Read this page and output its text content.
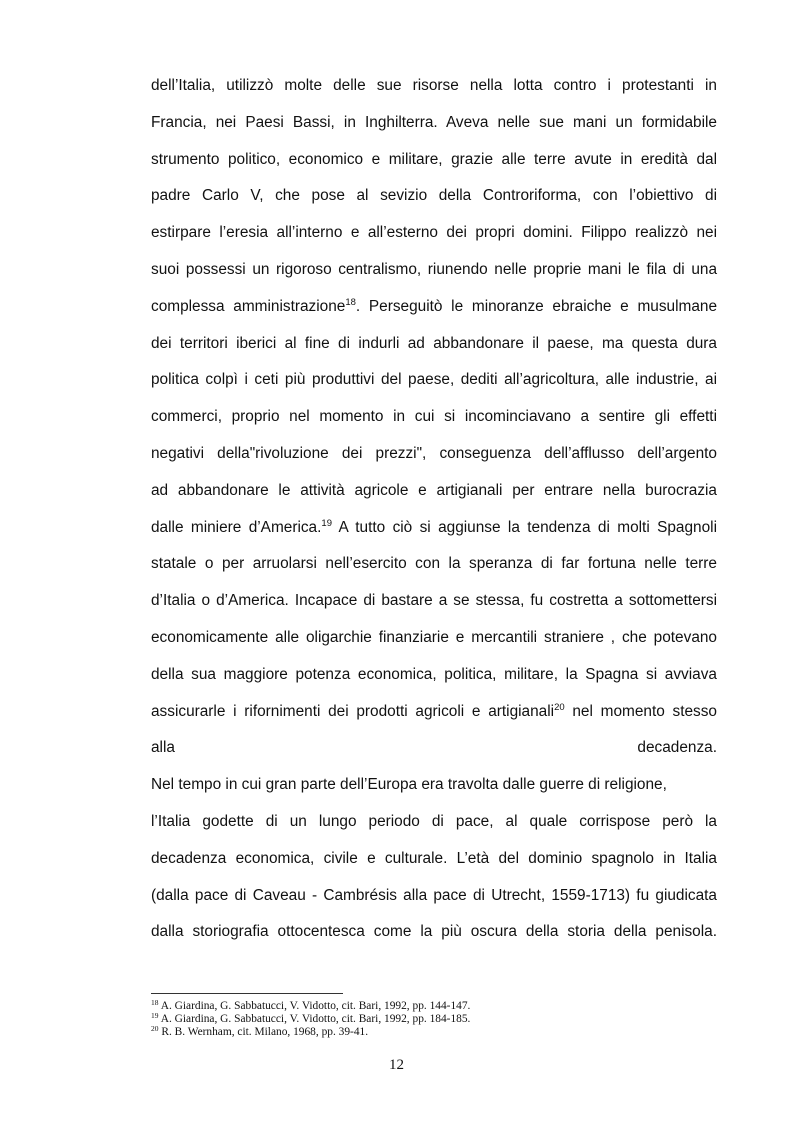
dell’Italia, utilizzò molte delle sue risorse nella lotta contro i protestanti in
Francia, nei Paesi Bassi, in Inghilterra. Aveva nelle sue mani un formidabile
strumento politico, economico e militare, grazie alle terre avute in eredità dal
padre Carlo V, che pose al sevizio della Controriforma, con l’obiettivo di
estirpare l’eresia all’interno e all’esterno dei propri domini. Filippo realizzò nei
suoi possessi un rigoroso centralismo, riunendo nelle proprie mani le fila di una
complessa amministrazione$^{18}$. Perseguitò le minoranze ebraiche e musulmane
dei territori iberici al fine di indurli ad abbandonare il paese, ma questa dura
politica colpì i ceti più produttivi del paese, dediti all’agricoltura, alle industrie, ai
commerci, proprio nel momento in cui si incominciavano a sentire gli effetti
negativi della"rivoluzione dei prezzi", conseguenza dell’afflusso dell’argento
ad abbandonare le attività agricole e artigianali per entrare nella burocrazia
dalle miniere d’America.$^{19}$ A tutto ciò si aggiunse la tendenza di molti Spagnoli
statale o per arruolarsi nell’esercito con la speranza di far fortuna nelle terre
d’Italia o d’America. Incapace di bastare a se stessa, fu costretta a sottomettersi
economicamente alle oligarchie finanziarie e mercantili straniere , che potevano
della sua maggiore potenza economica, politica, militare, la Spagna si avviava
assicurarle i rifornimenti dei prodotti agricoli e artigianali$^{20}$ nel momento stesso
alla decadenza.
Nel tempo in cui gran parte dell’Europa era travolta dalle guerre di religione,
l’Italia godette di un lungo periodo di pace, al quale corrispose però la
decadenza economica, civile e culturale. L’età del dominio spagnolo in Italia
(dalla pace di Caveau - Cambrésis alla pace di Utrecht, 1559-1713) fu giudicata
dalla storiografia ottocentesca come la più oscura della storia della penisola.
$^{18}$ A. Giardina, G. Sabbatucci, V. Vidotto, cit. Bari, 1992, pp. 144-147.
$^{19}$ A. Giardina, G. Sabbatucci, V. Vidotto, cit. Bari, 1992, pp. 184-185.
$^{20}$ R. B. Wernham, cit. Milano, 1968, pp. 39-41.
12
